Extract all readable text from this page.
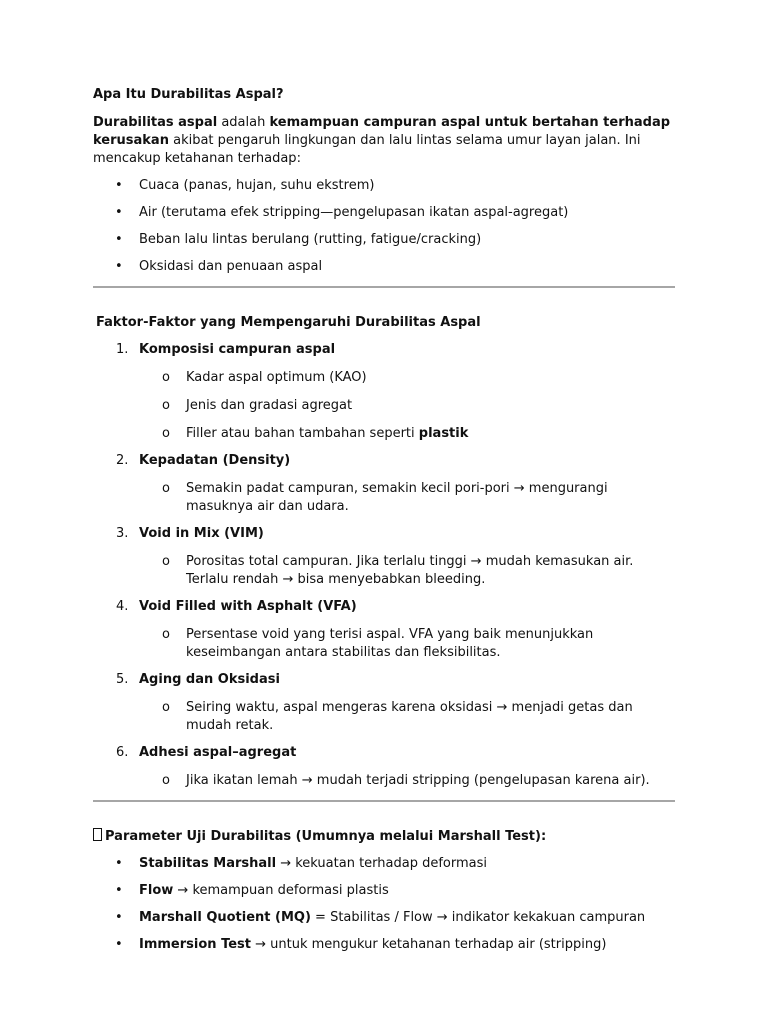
Apa Itu Durabilitas Aspal?

Durabilitas aspal adalah kemampuan campuran aspal untuk bertahan terhadap kerusakan akibat pengaruh lingkungan dan lalu lintas selama umur layan jalan. Ini mencakup ketahanan terhadap:

• Cuaca (panas, hujan, suhu ekstrem)
• Air (terutama efek stripping—pengelupasan ikatan aspal-agregat)
• Beban lalu lintas berulang (rutting, fatigue/cracking)
• Oksidasi dan penuaan aspal
Faktor-Faktor yang Mempengaruhi Durabilitas Aspal
1. Komposisi campuran aspal
o Kadar aspal optimum (KAO)
o Jenis dan gradasi agregat
o Filler atau bahan tambahan seperti plastik
2. Kepadatan (Density)
o Semakin padat campuran, semakin kecil pori-pori → mengurangi masuknya air dan udara.
3. Void in Mix (VIM)
o Porositas total campuran. Jika terlalu tinggi → mudah kemasukan air. Terlalu rendah → bisa menyebabkan bleeding.
4. Void Filled with Asphalt (VFA)
o Persentase void yang terisi aspal. VFA yang baik menunjukkan keseimbangan antara stabilitas dan fleksibilitas.
5. Aging dan Oksidasi
o Seiring waktu, aspal mengeras karena oksidasi → menjadi getas dan mudah retak.
6. Adhesi aspal–agregat
o Jika ikatan lemah → mudah terjadi stripping (pengelupasan karena air).
Parameter Uji Durabilitas (Umumnya melalui Marshall Test):
• Stabilitas Marshall → kekuatan terhadap deformasi
• Flow → kemampuan deformasi plastis
• Marshall Quotient (MQ) = Stabilitas / Flow → indikator kekakuan campuran
• Immersion Test → untuk mengukur ketahanan terhadap air (stripping)
